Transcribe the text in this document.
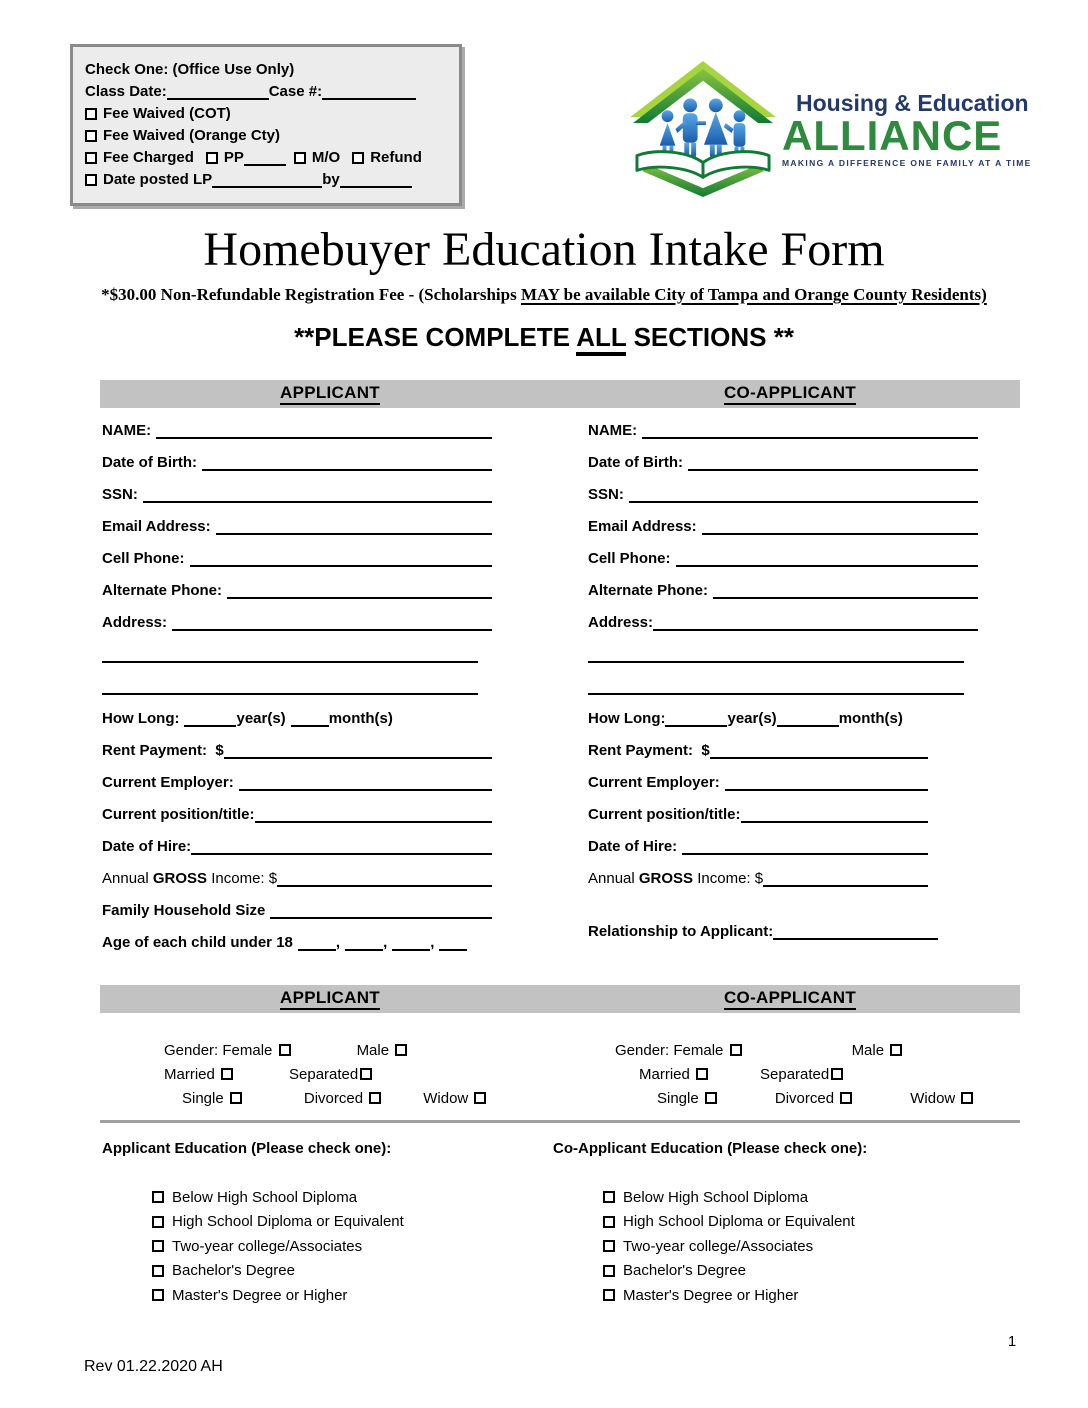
Check One: (Office Use Only)
Class Date:	Case #:
Fee Waived (COT)
Fee Waived (Orange Cty)
Fee Charged PP	M/O Refund
Date posted LP	by
Housing & Education
ALLIANCE
MAKING A DIFFERENCE ONE FAMILY AT A TIME
Homebuyer Education Intake Form
*$30.00 Non-Refundable Registration Fee - (Scholarships MAY be available City of Tampa and Orange County Residents)
**PLEASE COMPLETE ALL SECTIONS **
APPLICANT	CO-APPLICANT
NAME:
Date of Birth:
SSN:
Email Address:
Cell Phone:
Alternate Phone:
Address:
How Long:	year(s)	month(s)
Rent Payment:  $
Current Employer:
Current position/title:
Date of Hire:
Annual GROSS Income: $
Family Household Size
Age of each child under 18	,	,	,
NAME:
Date of Birth:
SSN:
Email Address:
Cell Phone:
Alternate Phone:
Address:
How Long:	year(s)	month(s)
Rent Payment:  $
Current Employer:
Current position/title:
Date of Hire:
Annual GROSS Income: $
Relationship to Applicant:
APPLICANT	CO-APPLICANT
Gender: Female	Male
Married	Separated
Single	Divorced	Widow
Gender: Female	Male
Married	Separated
Single	Divorced	Widow
Applicant Education (Please check one):
Below High School Diploma
High School Diploma or Equivalent
Two-year college/Associates
Bachelor's Degree
Master's Degree or Higher
Co-Applicant Education (Please check one):
Below High School Diploma
High School Diploma or Equivalent
Two-year college/Associates
Bachelor's Degree
Master's Degree or Higher
Rev 01.22.2020 AH
1
